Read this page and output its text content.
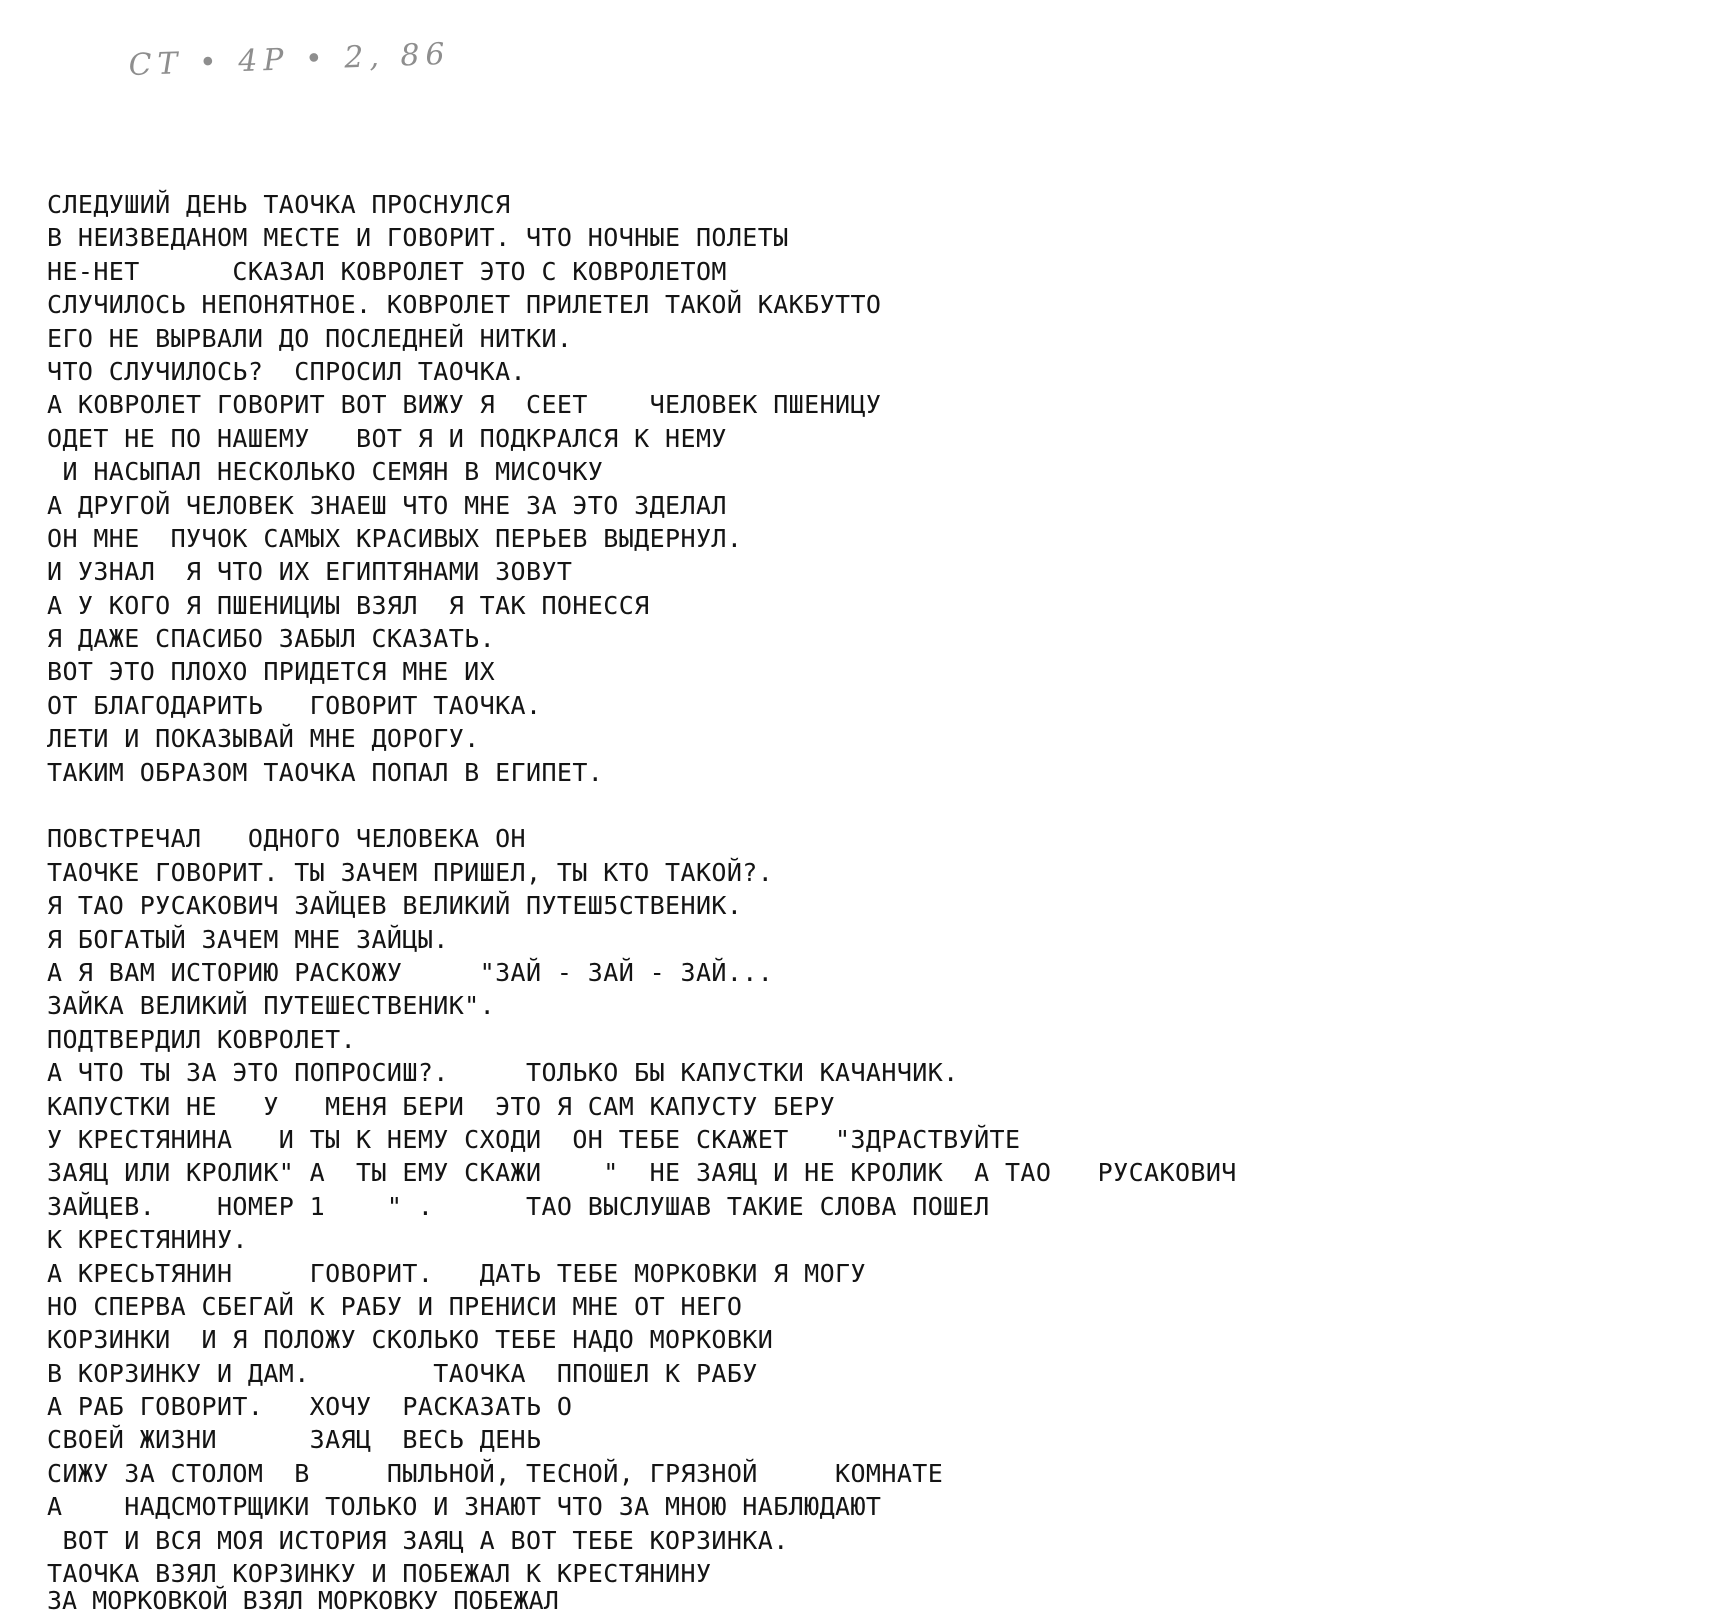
СТ • 4Р • 2, 86
СЛЕДУШИЙ ДЕНЬ ТАОЧКА ПРОСНУЛСЯ
В НЕИЗВЕДАНОМ МЕСТЕ И ГОВОРИТ. ЧТО НОЧНЫЕ ПОЛЕТЫ
НЕ-НЕТ      СКАЗАЛ КОВРОЛЕТ ЭТО С КОВРОЛЕТОМ
СЛУЧИЛОСЬ НЕПОНЯТНОЕ. КОВРОЛЕТ ПРИЛЕТЕЛ ТАКОЙ КАКБУТТО
ЕГО НЕ ВЫРВАЛИ ДО ПОСЛЕДНЕЙ НИТКИ.
ЧТО СЛУЧИЛОСЬ?  СПРОСИЛ ТАОЧКА.
А КОВРОЛЕТ ГОВОРИТ ВОТ ВИЖУ Я  СЕЕТ    ЧЕЛОВЕК ПШЕНИЦУ
ОДЕТ НЕ ПО НАШЕМУ   ВОТ Я И ПОДКРАЛСЯ К НЕМУ
И НАСЫПАЛ НЕСКОЛЬКО СЕМЯН В МИСОЧКУ
А ДРУГОЙ ЧЕЛОВЕК ЗНАЕШ ЧТО МНЕ ЗА ЭТО ЗДЕЛАЛ
ОН МНЕ  ПУЧОК САМЫХ КРАСИВЫХ ПЕРЬЕВ ВЫДЕРНУЛ.
И УЗНАЛ  Я ЧТО ИХ ЕГИПТЯНАМИ ЗОВУТ
А У КОГО Я ПШЕНИЦИЫ ВЗЯЛ  Я ТАК ПОНЕССЯ
Я ДАЖЕ СПАСИБО ЗАБЫЛ СКАЗАТЬ.
ВОТ ЭТО ПЛОХО ПРИДЕТСЯ МНЕ ИХ
ОТ БЛАГОДАРИТЬ   ГОВОРИТ ТАОЧКА.
ЛЕТИ И ПОКАЗЫВАЙ МНЕ ДОРОГУ.
ТАКИМ ОБРАЗОМ ТАОЧКА ПОПАЛ В ЕГИПЕТ.
ПОВСТРЕЧАЛ   ОДНОГО ЧЕЛОВЕКА ОН
ТАОЧКЕ ГОВОРИТ. ТЫ ЗАЧЕМ ПРИШЕЛ, ТЫ КТО ТАКОЙ?.
Я ТАО РУСАКОВИЧ ЗАЙЦЕВ ВЕЛИКИЙ ПУТЕШ5СТВЕНИК.
Я БОГАТЫЙ ЗАЧЕМ МНЕ ЗАЙЦЫ.
А Я ВАМ ИСТОРИЮ РАСКОЖУ     "ЗАЙ - ЗАЙ - ЗАЙ...
ЗАЙКА ВЕЛИКИЙ ПУТЕШЕСТВЕНИК".
ПОДТВЕРДИЛ КОВРОЛЕТ.
А ЧТО ТЫ ЗА ЭТО ПОПРОСИШ?.     ТОЛЬКО БЫ КАПУСТКИ КАЧАНЧИК.
КАПУСТКИ НЕ   У   МЕНЯ БЕРИ  ЭТО Я САМ КАПУСТУ БЕРУ
У КРЕСТЯНИНА   И ТЫ К НЕМУ СХОДИ  ОН ТЕБЕ СКАЖЕТ   "ЗДРАСТВУЙТЕ
ЗАЯЦ ИЛИ КРОЛИК" А  ТЫ ЕМУ СКАЖИ    "  НЕ ЗАЯЦ И НЕ КРОЛИК  А ТАО   РУСАКОВИЧ
ЗАЙЦЕВ.    НОМЕР 1    " .      ТАО ВЫСЛУШАВ ТАКИЕ СЛОВА ПОШЕЛ
К КРЕСТЯНИНУ.
А КРЕСЬТЯНИН     ГОВОРИТ.   ДАТЬ ТЕБЕ МОРКОВКИ Я МОГУ
НО СПЕРВА СБЕГАЙ К РАБУ И ПРЕНИСИ МНЕ ОТ НЕГО
КОРЗИНКИ  И Я ПОЛОЖУ СКОЛЬКО ТЕБЕ НАДО МОРКОВКИ
В КОРЗИНКУ И ДАМ.        ТАОЧКА  ППОШЕЛ К РАБУ
А РАБ ГОВОРИТ.   ХОЧУ  РАСКАЗАТЬ О
СВОЕЙ ЖИЗНИ      ЗАЯЦ  ВЕСЬ ДЕНЬ
СИЖУ ЗА СТОЛОМ  В     ПЫЛЬНОЙ, ТЕСНОЙ, ГРЯЗНОЙ     КОМНАТЕ
А    НАДСМОТРЩИКИ ТОЛЬКО И ЗНАЮТ ЧТО ЗА МНОЮ НАБЛЮДАЮТ
ВОТ И ВСЯ МОЯ ИСТОРИЯ ЗАЯЦ А ВОТ ТЕБЕ КОРЗИНКА.
ТАОЧКА ВЗЯЛ КОРЗИНКУ И ПОБЕЖАЛ К КРЕСТЯНИНУ
ЗА МОРКОВКОЙ ВЗЯЛ МОРКОВКУ ПОБЕЖАЛ
